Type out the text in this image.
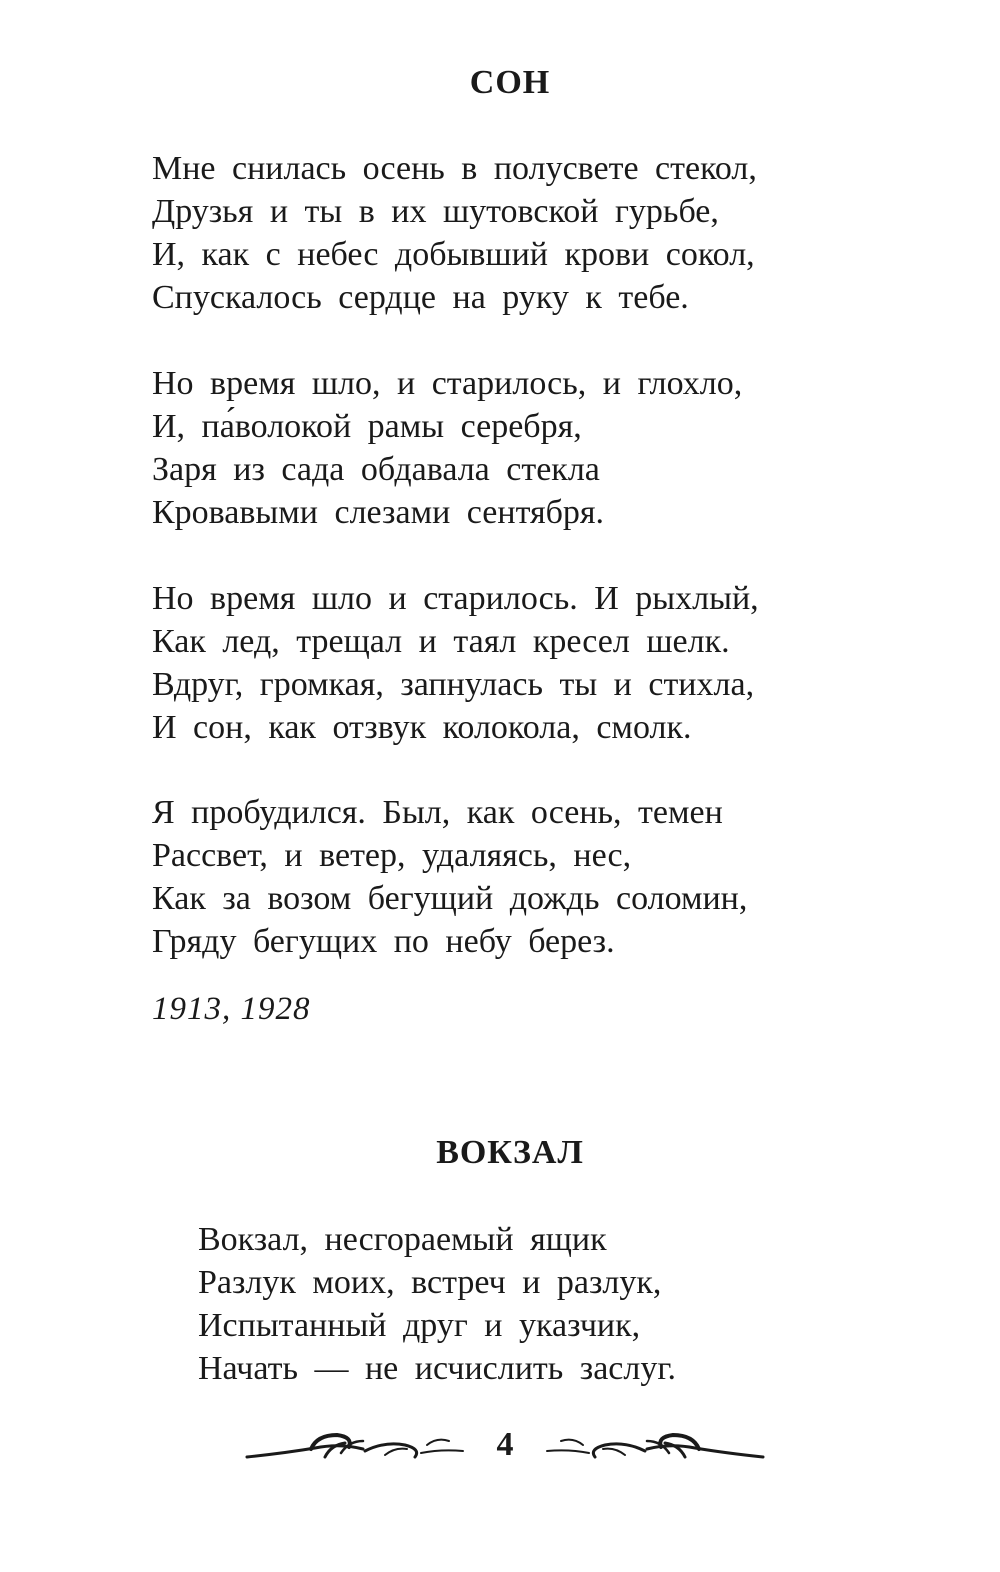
СОН
Мне снилась осень в полусвете стекол,
Друзья и ты в их шутовской гурьбе,
И, как с небес добывший крови сокол,
Спускалось сердце на руку к тебе.
Но время шло, и старилось, и глохло,
И, па́волокой рамы серебря,
Заря из сада обдавала стекла
Кровавыми слезами сентября.
Но время шло и старилось. И рыхлый,
Как лед, трещал и таял кресел шелк.
Вдруг, громкая, запнулась ты и стихла,
И сон, как отзвук колокола, смолк.
Я пробудился. Был, как осень, темен
Рассвет, и ветер, удаляясь, нес,
Как за возом бегущий дождь соломин,
Гряду бегущих по небу берез.

1913, 1928

ВОКЗАЛ
Вокзал, несгораемый ящик
Разлук моих, встреч и разлук,
Испытанный друг и указчик,
Начать — не исчислить заслуг.
4
